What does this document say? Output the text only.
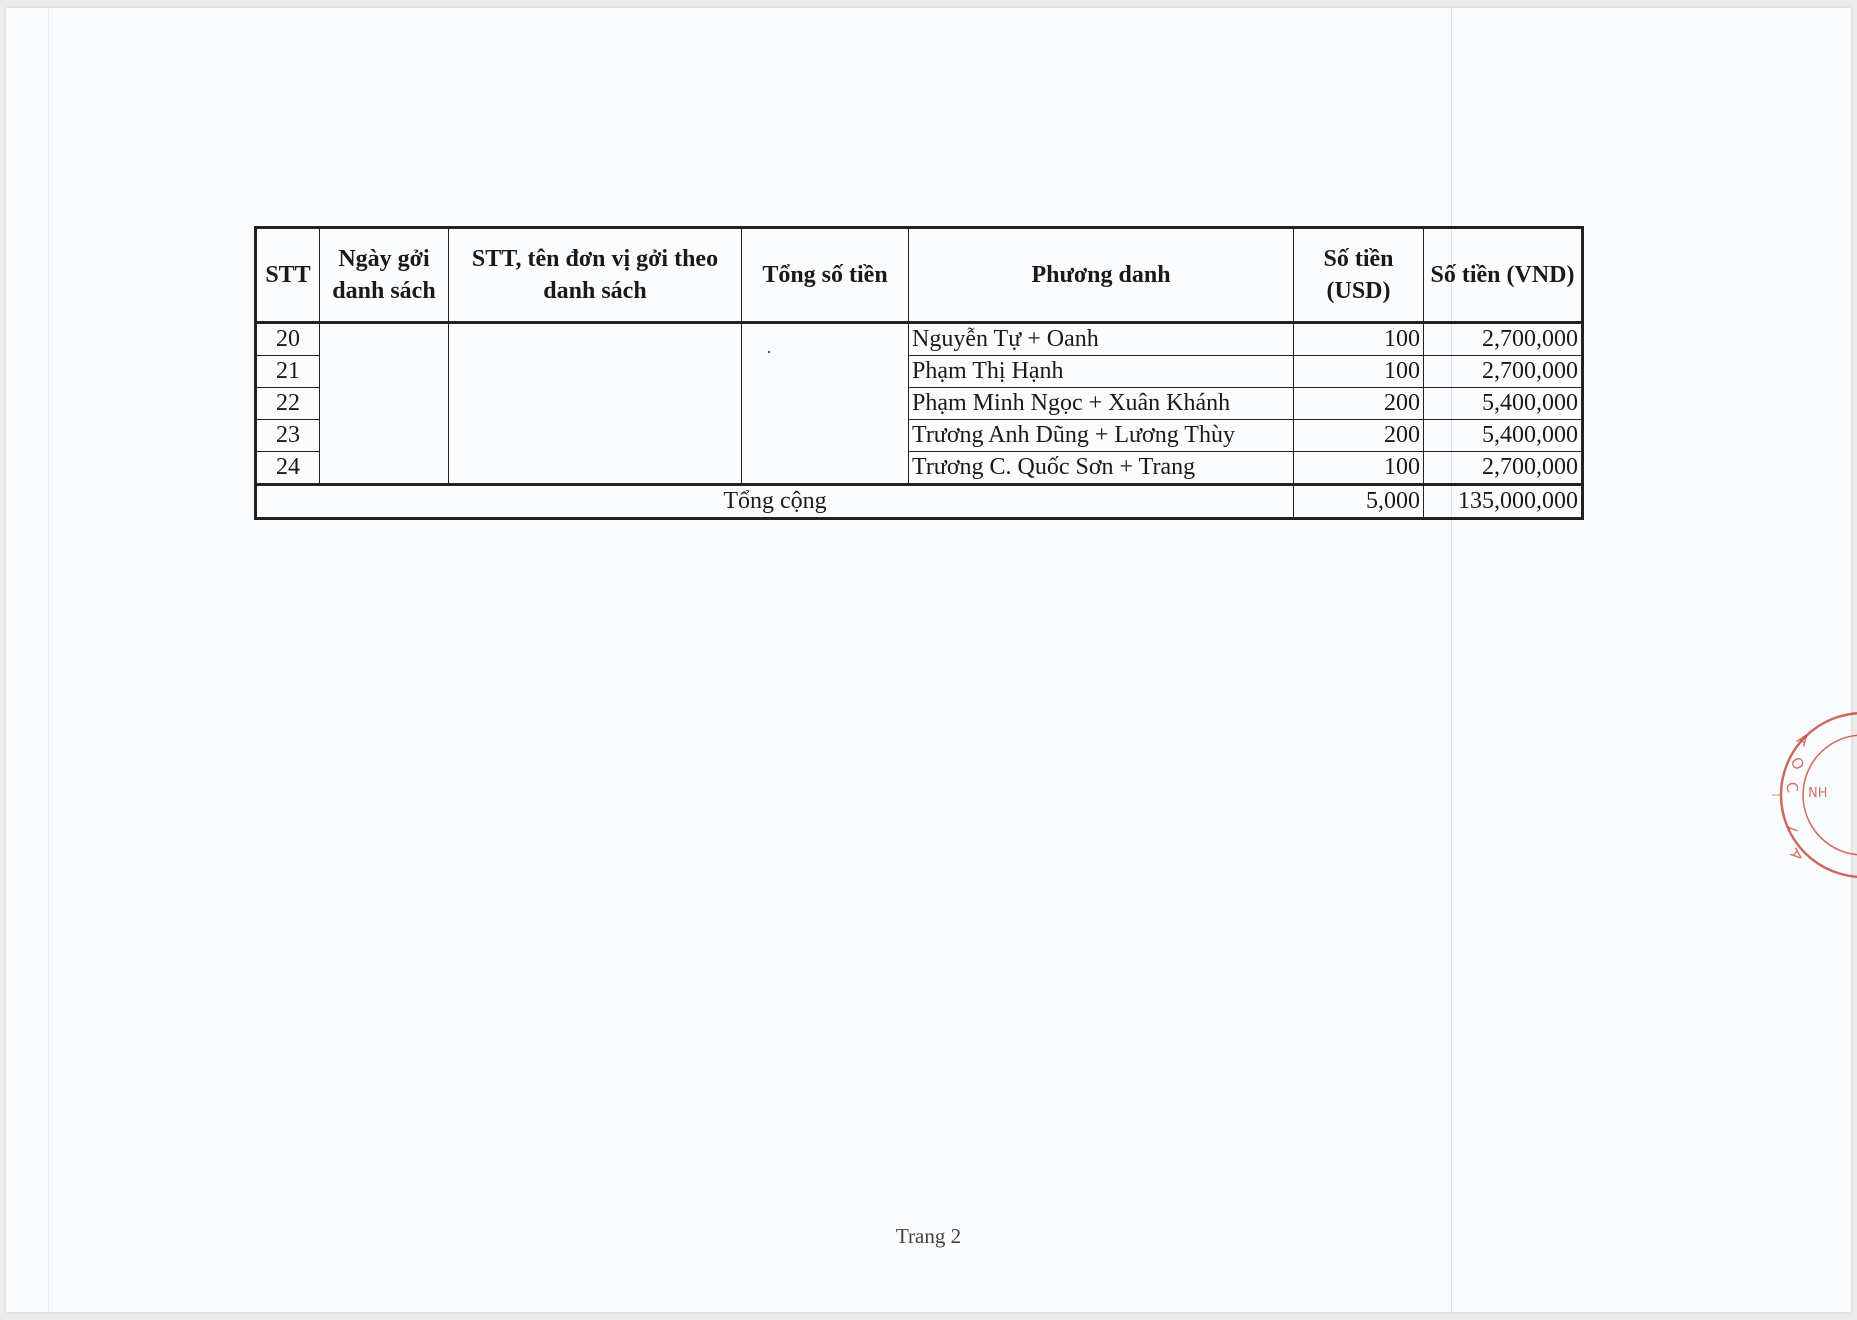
STT	Ngày gởi danh sách	STT, tên đơn vị gởi theo danh sách	Tổng số tiền	Phương danh	Số tiền (USD)	Số tiền (VND)
20				Nguyễn Tự + Oanh	100	2,700,000
21				Phạm Thị Hạnh	100	2,700,000
22				Phạm Minh Ngọc + Xuân Khánh	200	5,400,000
23				Trương Anh Dũng + Lương Thùy	200	5,400,000
24				Trương C. Quốc Sơn + Trang	100	2,700,000
Tổng cộng					5,000	135,000,000
Trang 2
A
O
C NH
I
A
